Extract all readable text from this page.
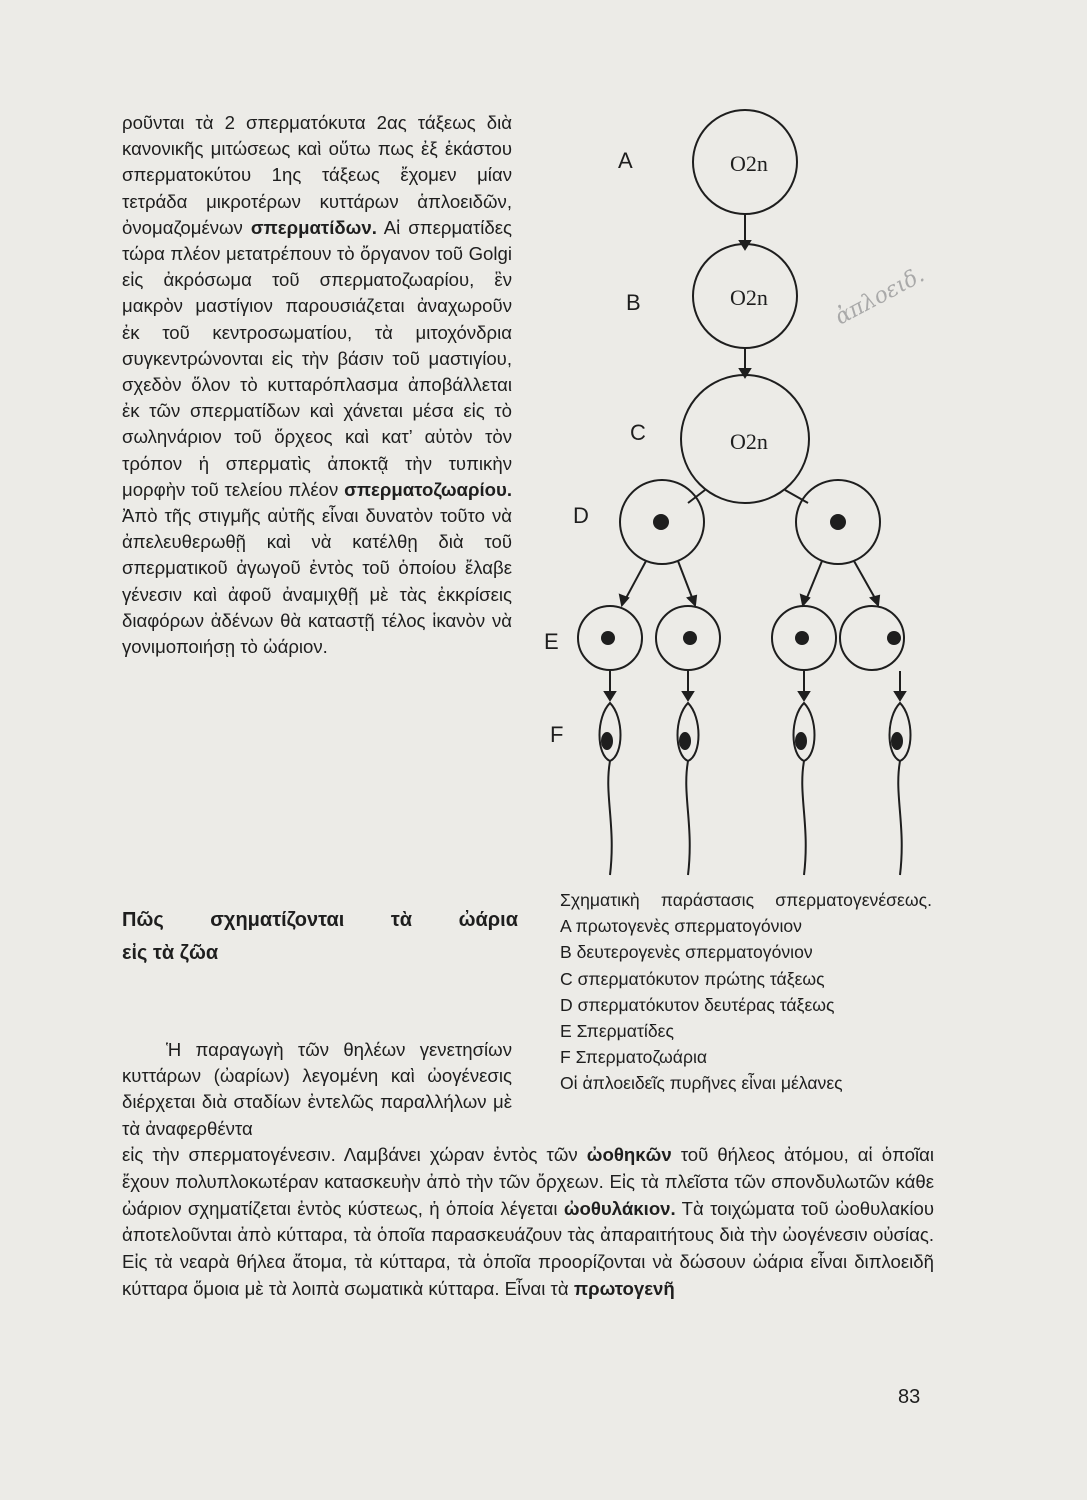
ροῦνται τὰ 2 σπερματόκυτα 2ας τάξεως διὰ κανονικῆς μιτώσεως καὶ οὕτω πως ἐξ ἑκάστου σπερματοκύτου 1ης τάξεως ἔχομεν μίαν τετράδα μικροτέρων κυττάρων ἁπλοειδῶν, ὀνομαζομένων σπερματίδων. Αἱ σπερματίδες τώρα πλέον μετατρέπουν τὸ ὄργανον τοῦ Golgi εἰς ἀκρόσωμα τοῦ σπερματοζωαρίου, ἓν μακρὸν μαστίγιον παρουσιάζεται ἀναχωροῦν ἐκ τοῦ κεντροσωματίου, τὰ μιτοχόνδρια συγκεντρώνονται εἰς τὴν βάσιν τοῦ μαστιγίου, σχεδὸν ὅλον τὸ κυτταρόπλασμα ἀποβάλλεται ἐκ τῶν σπερματίδων καὶ χάνεται μέσα εἰς τὸ σωληνάριον τοῦ ὄρχεος καὶ κατ’ αὐτὸν τὸν τρόπον ἡ σπερματὶς ἀποκτᾷ τὴν τυπικὴν μορφὴν τοῦ τελείου πλέον σπερματοζωαρίου. Ἀπὸ τῆς στιγμῆς αὐτῆς εἶναι δυνατὸν τοῦτο νὰ ἀπελευθερωθῇ καὶ νὰ κατέλθῃ διὰ τοῦ σπερματικοῦ ἀγωγοῦ ἐντὸς τοῦ ὁποίου ἔλαβε γένεσιν καὶ ἀφοῦ ἀναμιχθῇ μὲ τὰς ἐκκρίσεις διαφόρων ἀδένων θὰ καταστῇ τέλος ἱκανὸν νὰ γονιμοποιήσῃ τὸ ὠάριον.

O2n
O2n
O2n
A
B
C
D
E
F
ἀπλοειδ.
Σχηματικὴ παράστασις σπερματογενέσεως.
A πρωτογενὲς σπερματογόνιον
B δευτερογενὲς σπερματογόνιον
C σπερματόκυτον πρώτης τάξεως
D σπερματόκυτον δευτέρας τάξεως
E Σπερματίδες
F Σπερματοζωάρια
Οἱ ἁπλοειδεῖς πυρῆνες εἶναι μέλανες
Πῶς σχηματίζονται τὰ ὠάρια
εἰς τὰ ζῶα
Ἡ παραγωγὴ τῶν θηλέων γενετησίων κυττάρων (ὠαρίων) λεγομένη καὶ ὠογένεσις διέρχεται διὰ σταδίων ἐντελῶς παραλλήλων μὲ τὰ ἀναφερθέντα
εἰς τὴν σπερματογένεσιν. Λαμβάνει χώραν ἐντὸς τῶν ὠοθηκῶν τοῦ θήλεος ἀτόμου, αἱ ὁποῖαι ἔχουν πολυπλοκωτέραν κατασκευὴν ἀπὸ τὴν τῶν ὄρχεων. Εἰς τὰ πλεῖστα τῶν σπονδυλωτῶν κάθε ὠάριον σχηματίζεται ἐντὸς κύστεως, ἡ ὁποία λέγεται ὠοθυλάκιον. Τὰ τοιχώματα τοῦ ὠοθυλακίου ἀποτελοῦνται ἀπὸ κύτταρα, τὰ ὁποῖα παρασκευάζουν τὰς ἀπαραιτήτους διὰ τὴν ὠογένεσιν οὐσίας. Εἰς τὰ νεαρὰ θήλεα ἄτομα, τὰ κύτταρα, τὰ ὁποῖα προορίζονται νὰ δώσουν ὠάρια εἶναι διπλοειδῆ κύτταρα ὅμοια μὲ τὰ λοιπὰ σωματικὰ κύτταρα. Εἶναι τὰ πρωτογενῆ
83
